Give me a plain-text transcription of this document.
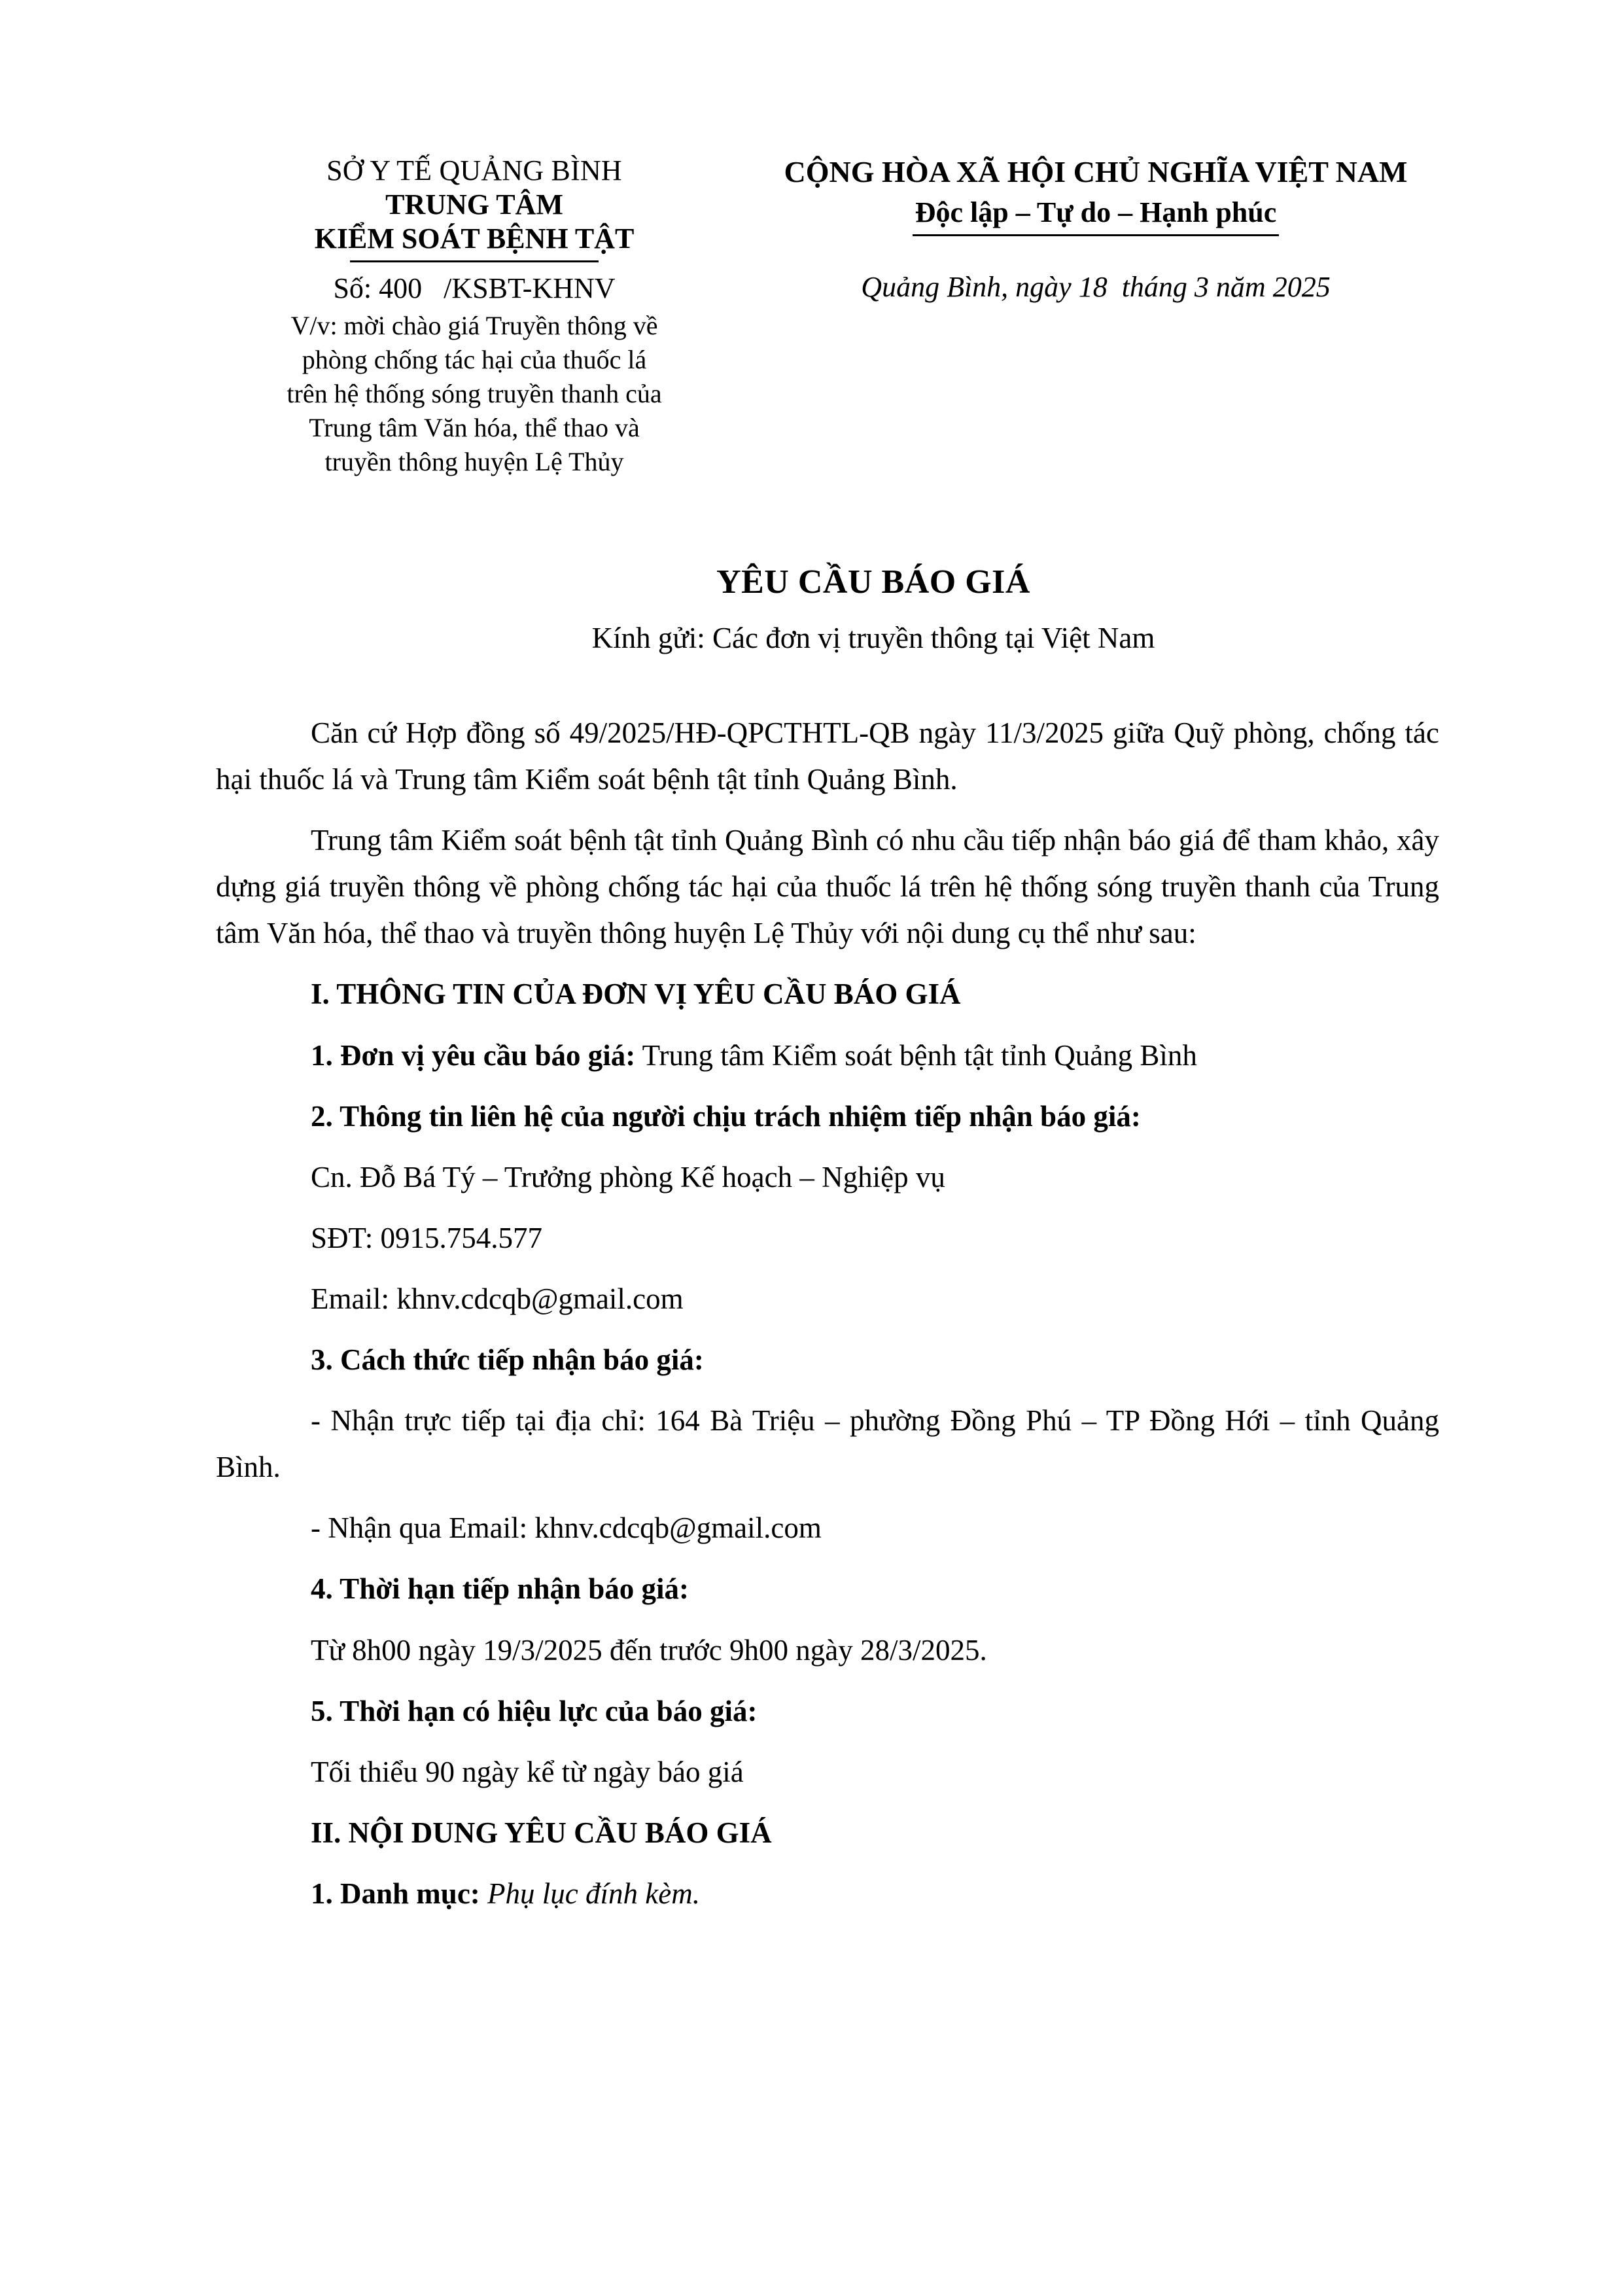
SỞ Y TẾ QUẢNG BÌNH
TRUNG TÂM
KIỂM SOÁT BỆNH TẬT
Số: 400   /KSBT-KHNV
V/v: mời chào giá Truyền thông về
phòng chống tác hại của thuốc lá
trên hệ thống sóng truyền thanh của
Trung tâm Văn hóa, thể thao và
truyền thông huyện Lệ Thủy
CỘNG HÒA XÃ HỘI CHỦ NGHĨA VIỆT NAM
Độc lập – Tự do – Hạnh phúc
Quảng Bình, ngày 18  tháng 3 năm 2025
YÊU CẦU BÁO GIÁ
Kính gửi: Các đơn vị truyền thông tại Việt Nam

Căn cứ Hợp đồng số 49/2025/HĐ-QPCTHTL-QB ngày 11/3/2025 giữa Quỹ phòng, chống tác hại thuốc lá và Trung tâm Kiểm soát bệnh tật tỉnh Quảng Bình.

Trung tâm Kiểm soát bệnh tật tỉnh Quảng Bình có nhu cầu tiếp nhận báo giá để tham khảo, xây dựng giá truyền thông về phòng chống tác hại của thuốc lá trên hệ thống sóng truyền thanh của Trung tâm Văn hóa, thể thao và truyền thông huyện Lệ Thủy với nội dung cụ thể như sau:

I. THÔNG TIN CỦA ĐƠN VỊ YÊU CẦU BÁO GIÁ

1. Đơn vị yêu cầu báo giá: Trung tâm Kiểm soát bệnh tật tỉnh Quảng Bình

2. Thông tin liên hệ của người chịu trách nhiệm tiếp nhận báo giá:

Cn. Đỗ Bá Tý – Trưởng phòng Kế hoạch – Nghiệp vụ

SĐT: 0915.754.577

Email: khnv.cdcqb@gmail.com

3. Cách thức tiếp nhận báo giá:

- Nhận trực tiếp tại địa chỉ: 164 Bà Triệu – phường Đồng Phú – TP Đồng Hới – tỉnh Quảng Bình.

- Nhận qua Email: khnv.cdcqb@gmail.com

4. Thời hạn tiếp nhận báo giá:

Từ 8h00 ngày 19/3/2025 đến trước 9h00 ngày 28/3/2025.

5. Thời hạn có hiệu lực của báo giá:

Tối thiểu 90 ngày kể từ ngày báo giá

II. NỘI DUNG YÊU CẦU BÁO GIÁ

1. Danh mục: Phụ lục đính kèm.
